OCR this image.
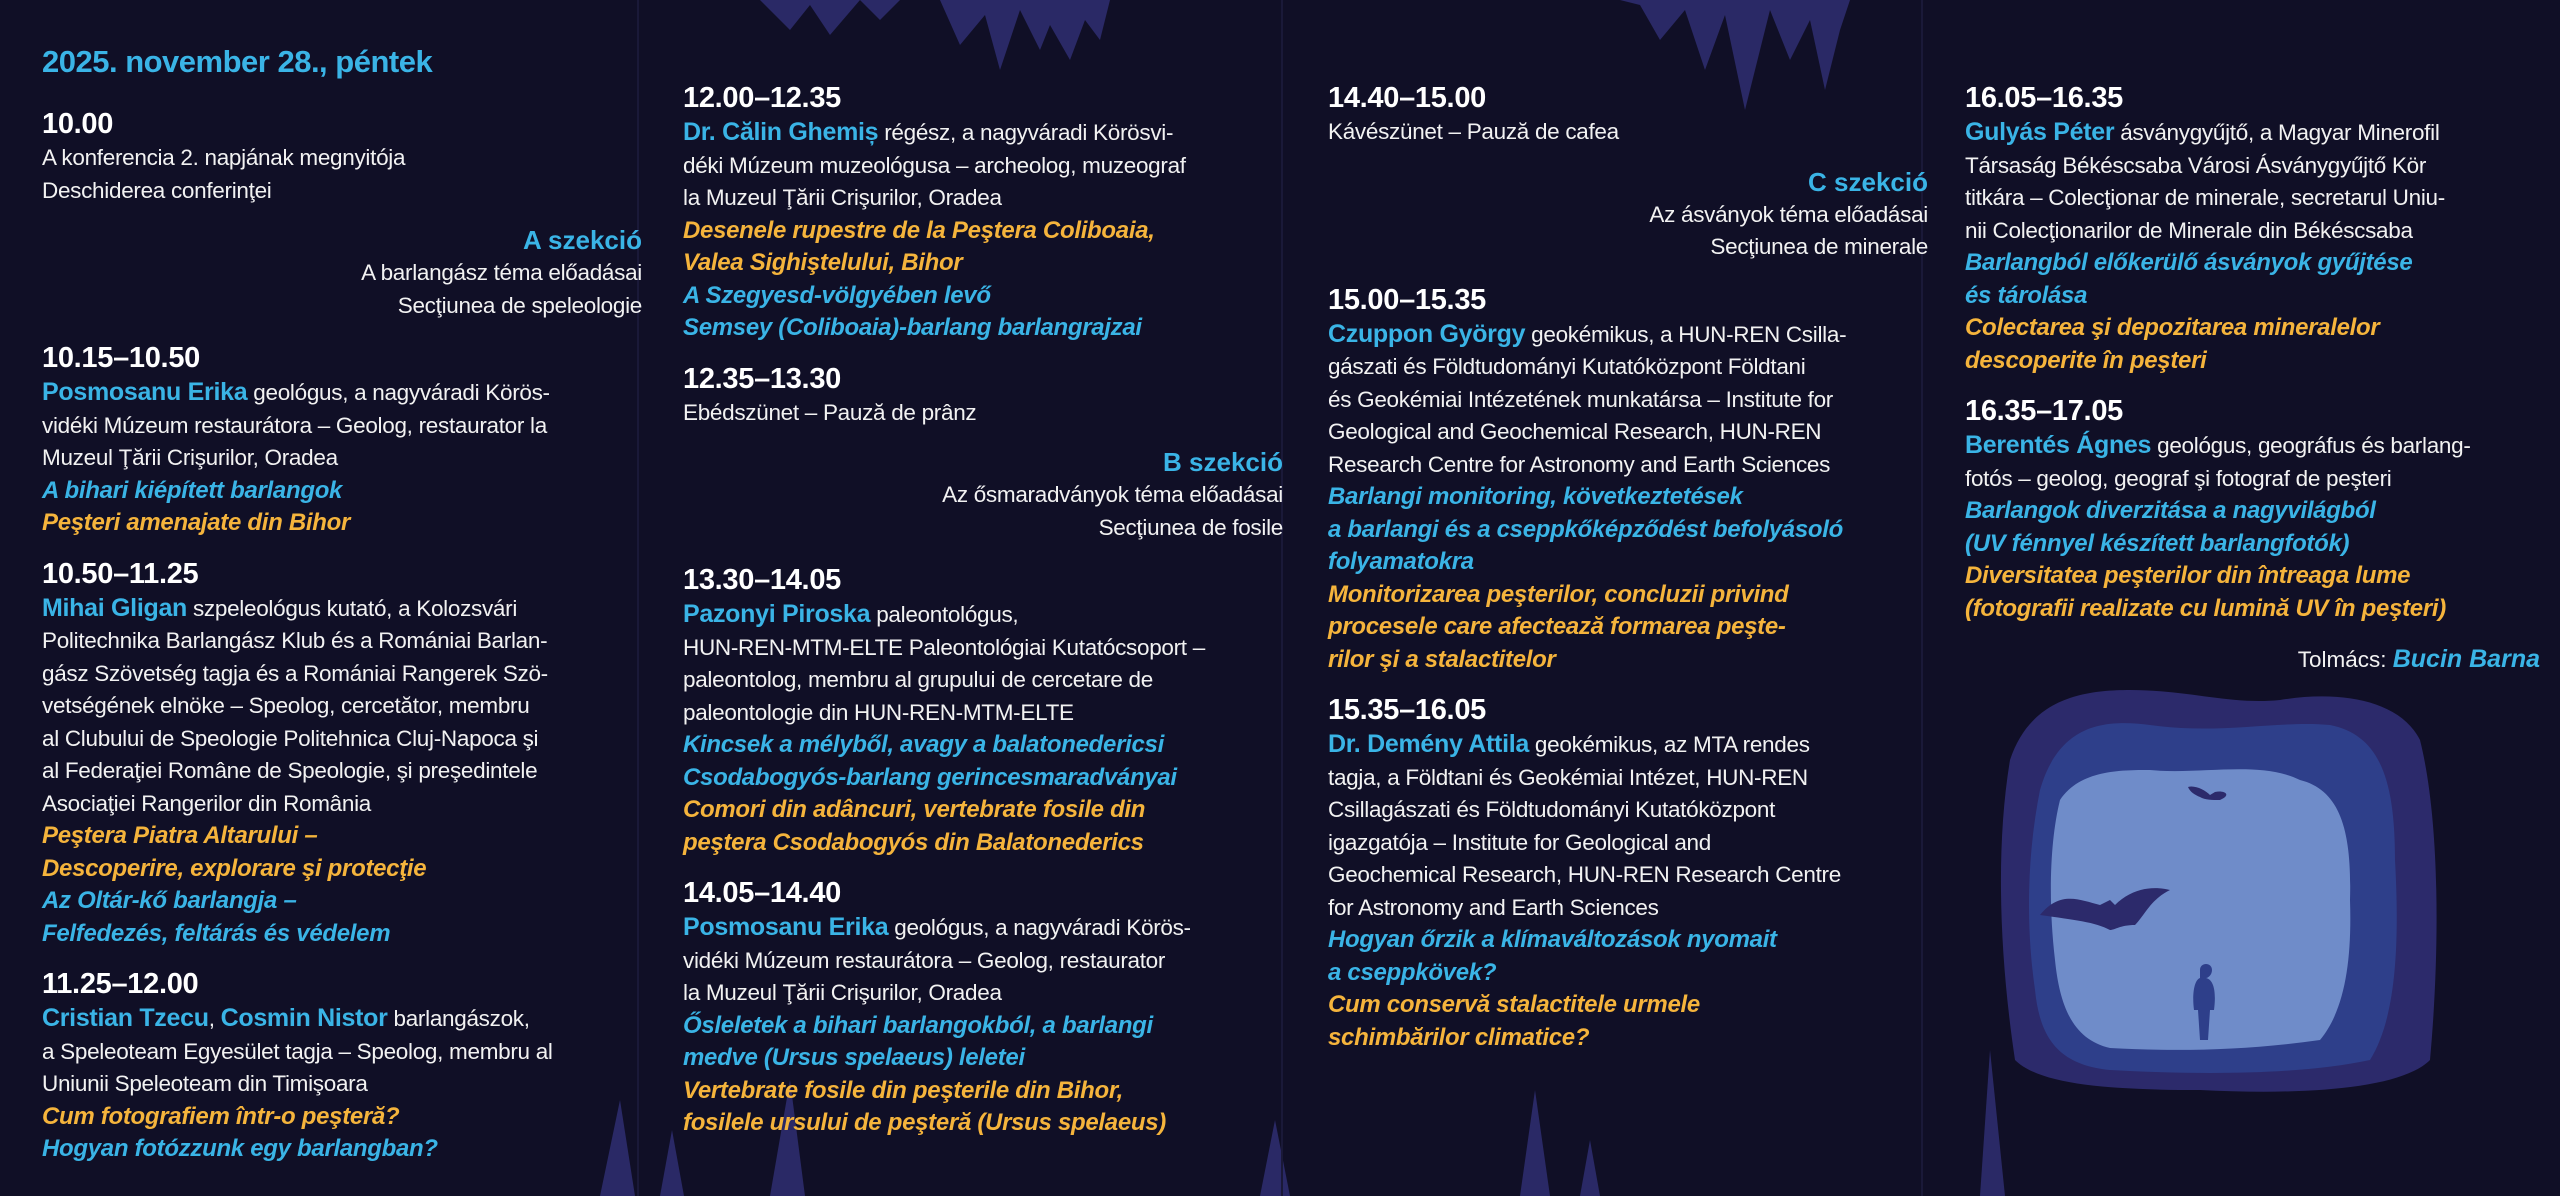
2025. november 28., péntek
10.00
A konferencia 2. napjának megnyitója
Deschiderea conferinţei
A szekció
A barlangász téma előadásai
Secţiunea de speleologie
10.15–10.50
Posmosanu Erika geológus, a nagyváradi Körös-
vidéki Múzeum restaurátora – Geolog, restaurator la
Muzeul Ţării Crişurilor, Oradea
A bihari kiépített barlangok
Peşteri amenajate din Bihor
10.50–11.25
Mihai Gligan szpeleológus kutató, a Kolozsvári
Politechnika Barlangász Klub és a Romániai Barlan-
gász Szövetség tagja és a Romániai Rangerek Szö-
vetségének elnöke – Speolog, cercetător, membru
al Clubului de Speologie Politehnica Cluj-Napoca şi
al Federaţiei Române de Speologie, şi preşedintele
Asociaţiei Rangerilor din România
Peştera Piatra Altarului –
Descoperire, explorare şi protecţie
Az Oltár-kő barlangja –
Felfedezés, feltárás és védelem
11.25–12.00
Cristian Tzecu, Cosmin Nistor barlangászok,
a Speleoteam Egyesület tagja – Speolog, membru al
Uniunii Speleoteam din Timişoara
Cum fotografiem într-o peşteră?
Hogyan fotózzunk egy barlangban?
12.00–12.35
Dr. Călin Ghemiș régész, a nagyváradi Körösvi-
déki Múzeum muzeológusa – archeolog, muzeograf
la Muzeul Ţării Crişurilor, Oradea
Desenele rupestre de la Peştera Coliboaia,
Valea Sighiştelului, Bihor
A Szegyesd-völgyében levő
Semsey (Coliboaia)-barlang barlangrajzai
12.35–13.30
Ebédszünet – Pauză de prânz
B szekció
Az ősmaradványok téma előadásai
Secţiunea de fosile
13.30–14.05
Pazonyi Piroska paleontológus,
HUN-REN-MTM-ELTE Paleontológiai Kutatócsoport –
paleontolog, membru al grupului de cercetare de
paleontologie din HUN-REN-MTM-ELTE
Kincsek a mélyből, avagy a balatonedericsi
Csodabogyós-barlang gerincesmaradványai
Comori din adâncuri, vertebrate fosile din
peştera Csodabogyós din Balatonederics
14.05–14.40
Posmosanu Erika geológus, a nagyváradi Körös-
vidéki Múzeum restaurátora – Geolog, restaurator
la Muzeul Ţării Crişurilor, Oradea
Ősleletek a bihari barlangokból, a barlangi
medve (Ursus spelaeus) leletei
Vertebrate fosile din peşterile din Bihor,
fosilele ursului de peşteră (Ursus spelaeus)
14.40–15.00
Kávészünet – Pauză de cafea
C szekció
Az ásványok téma előadásai
Secţiunea de minerale
15.00–15.35
Czuppon György geokémikus, a HUN-REN Csilla-
gászati és Földtudományi Kutatóközpont Földtani
és Geokémiai Intézetének munkatársa – Institute for
Geological and Geochemical Research, HUN-REN
Research Centre for Astronomy and Earth Sciences
Barlangi monitoring, következtetések
a barlangi és a cseppkőképződést befolyásoló
folyamatokra
Monitorizarea peşterilor, concluzii privind
procesele care afectează formarea peşte-
rilor şi a stalactitelor
15.35–16.05
Dr. Demény Attila geokémikus, az MTA rendes
tagja, a Földtani és Geokémiai Intézet, HUN-REN
Csillagászati és Földtudományi Kutatóközpont
igazgatója – Institute for Geological and
Geochemical Research, HUN-REN Research Centre
for Astronomy and Earth Sciences
Hogyan őrzik a klímaváltozások nyomait
a cseppkövek?
Cum conservă stalactitele urmele
schimbărilor climatice?
16.05–16.35
Gulyás Péter ásványgyűjtő, a Magyar Minerofil
Társaság Békéscsaba Városi Ásványgyűjtő Kör
titkára – Colecţionar de minerale, secretarul Uniu-
nii Colecţionarilor de Minerale din Békéscsaba
Barlangból előkerülő ásványok gyűjtése
és tárolása
Colectarea şi depozitarea mineralelor
descoperite în peşteri
16.35–17.05
Berentés Ágnes geológus, geográfus és barlang-
fotós – geolog, geograf şi fotograf de peşteri
Barlangok diverzitása a nagyvilágból
(UV fénnyel készített barlangfotók)
Diversitatea peşterilor din întreaga lume
(fotografii realizate cu lumină UV în peşteri)
Tolmács: Bucin Barna
